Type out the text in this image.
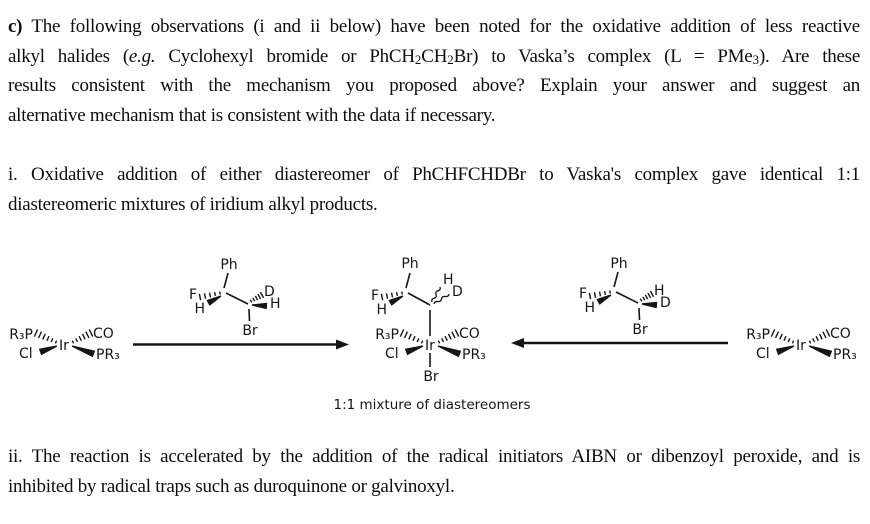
c) The following observations (i and ii below) have been noted for the oxidative addition of less reactive
alkyl halides (e.g. Cyclohexyl bromide or PhCH2CH2Br) to Vaska’s complex (L = PMe3). Are these
results consistent with the mechanism you proposed above? Explain your answer and suggest an
alternative mechanism that is consistent with the data if necessary.
i. Oxidative addition of either diastereomer of PhCHFCHDBr to Vaska's complex gave identical 1:1
diastereomeric mixtures of iridium alkyl products.
ii. The reaction is accelerated by the addition of the radical initiators AIBN or dibenzoyl peroxide, and is
inhibited by radical traps such as duroquinone or galvinoxyl.
R₃P
Ir
CO
Cl	PR₃
Ph
F
H
D
H
Br
Ph
F
H
H
D
R₃P
Ir
CO
Cl	PR₃
Br
1:1 mixture of diastereomers
Ph
F
H
H
D
Br	R₃P
Ir
CO
Cl	PR₃
